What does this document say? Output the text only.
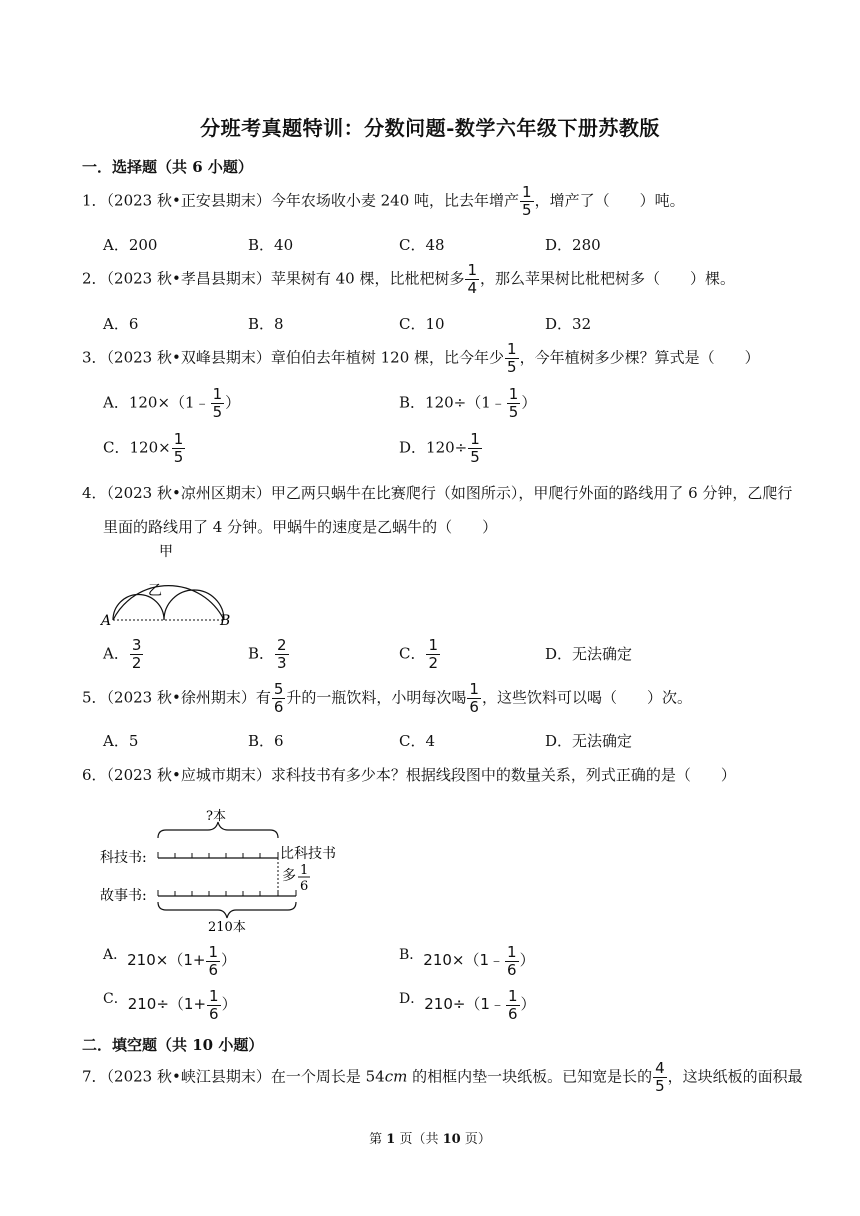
分班考真题特训：分数问题-数学六年级下册苏教版
一．选择题（共 6 小题）
1．（2023 秋•正安县期末）今年农场收小麦 240 吨，比去年增产 $\frac{1}{5}$ ，增产了（　　）吨。
A．200	B．40	C．48	D．280
2．（2023 秋•孝昌县期末）苹果树有 40 棵，比枇杷树多 $\frac{1}{4}$ ，那么苹果树比枇杷树多（　　）棵。
A．6	B．8	C．10	D．32
3．（2023 秋•双峰县期末）章伯伯去年植树 120 棵，比今年少 $\frac{1}{5}$ ，今年植树多少棵？算式是（　　）
A．120×（1﹣ $\frac{1}{5}$ ）	B．120÷（1﹣ $\frac{1}{5}$ ）
C．$120\times \frac{1}{5}$	D．$120\div \frac{1}{5}$
4．（2023 秋•凉州区期末）甲乙两只蜗牛在比赛爬行（如图所示），甲爬行外面的路线用了 6 分钟，乙爬行
里面的路线用了 4 分钟。甲蜗牛的速度是乙蜗牛的（　　）
甲
乙
A	B
A． $\frac{3}{2}$	B． $\frac{2}{3}$	C． $\frac{1}{2}$	D．无法确定
5．（2023 秋•徐州期末）有 $\frac{5}{6}$ 升的一瓶饮料，小明每次喝 $\frac{1}{6}$ ，这些饮料可以喝（　　）次。
A．5	B．6	C．4	D．无法确定
6．（2023 秋•应城市期末）求科技书有多少本？根据线段图中的数量关系，列式正确的是（　　）
?本
科技书:	比科技书
多 1
6
故事书:
210本
A．$210\times(1+ \frac{1}{6}$ ）	B．210×（1﹣ $\frac{1}{6}$ ）
C．$210\div(1+ \frac{1}{6}$ ）	D．210÷（1﹣ $\frac{1}{6}$ ）
二．填空题（共 10 小题）
7．（2023 秋•峡江县期末）在一个周长是 54cm 的相框内垫一块纸板。已知宽是长的 $\frac{4}{5}$ ，这块纸板的面积最
第 1 页（共 10 页）
